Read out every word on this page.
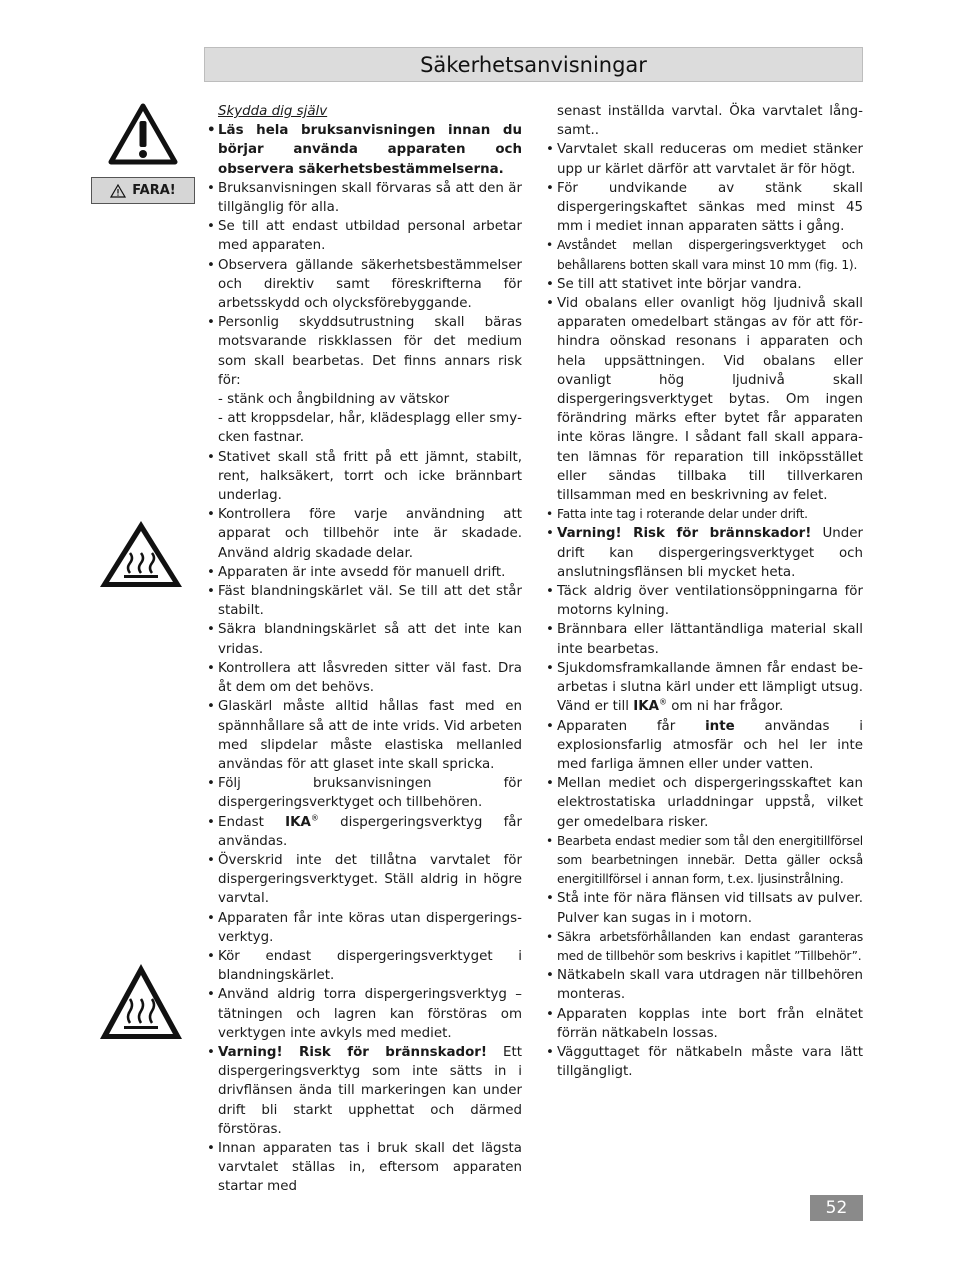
Säkerhetsanvisningar
FARA!
Skydda dig själv
• Läs hela bruksanvisningen innan du börjar använda apparaten och observera säkerhetsbestämmelserna.
• Bruksanvisningen skall förvaras så att den är tillgänglig för alla.
• Se till att endast utbildad personal arbetar med apparaten.
• Observera gällande säkerhetsbestämmelser och direktiv samt föreskrifterna för arbetsskydd och olycksförebyggande.
• Personlig skyddsutrustning skall bäras motsvarande riskklassen för det medium som skall bearbetas. Det finns annars risk för:
- stänk och ångbildning av vätskor
- att kroppsdelar, hår, klädesplagg eller smycken fastnar.
• Stativet skall stå fritt på ett jämnt, stabilt, rent, halksäkert, torrt och icke brännbart underlag.
• Kontrollera före varje användning att apparat och tillbehör inte är skadade. Använd aldrig skadade delar.
• Apparaten är inte avsedd för manuell drift.
• Fäst blandningskärlet väl. Se till att det står stabilt.
• Säkra blandningskärlet så att det inte kan vridas.
• Kontrollera att låsvreden sitter väl fast. Dra åt dem om det behövs.
• Glaskärl måste alltid hållas fast med en spännhållare så att de inte vrids. Vid arbeten med slipdelar måste elastiska mellanled användas för att glaset inte skall spricka.
• Följ bruksanvisningen för dispergeringsverktyget och tillbehören.
• Endast IKA® dispergeringsverktyg får användas.
• Överskrid inte det tillåtna varvtalet för dispergeringsverktyget. Ställ aldrig in högre varvtal.
• Apparaten får inte köras utan dispergeringsverktyg.
• Kör endast dispergeringsverktyget i blandningskärlet.
• Använd aldrig torra dispergeringsverktyg – tätningen och lagren kan förstöras om verktygen inte avkyls med mediet.
• Varning! Risk för brännskador! Ett dispergeringsverktyg som inte sätts in i drivflänsen ända till markeringen kan under drift bli starkt upphettat och därmed förstöras.
• Innan apparaten tas i bruk skall det lägsta varvtalet ställas in, eftersom apparaten startar med
senast inställda varvtal. Öka varvtalet långsamt..
• Varvtalet skall reduceras om mediet stänker upp ur kärlet därför att varvtalet är för högt.
• För undvikande av stänk skall dispergeringskaftet sänkas med minst 45 mm i mediet innan apparaten sätts i gång.
• Avståndet mellan dispergeringsverktyget och behållarens botten skall vara minst 10 mm (fig. 1).
• Se till att stativet inte börjar vandra.
• Vid obalans eller ovanligt hög ljudnivå skall apparaten omedelbart stängas av för att förhindra oönskad resonans i apparaten och hela uppsättningen. Vid obalans eller ovanligt hög ljudnivå skall dispergeringsverktyget bytas. Om ingen förändring märks efter bytet får apparaten inte köras längre. I sådant fall skall apparaten lämnas för reparation till inköpsstället eller sändas tillbaka till tillverkaren tillsamman med en beskrivning av felet.
• Fatta inte tag i roterande delar under drift.
• Varning! Risk för brännskador! Under drift kan dispergeringsverktyget och anslutningsflänsen bli mycket heta.
• Täck aldrig över ventilationsöppningarna för motorns kylning.
• Brännbara eller lättantändliga material skall inte bearbetas.
• Sjukdomsframkallande ämnen får endast bearbetas i slutna kärl under ett lämpligt utsug. Vänd er till IKA® om ni har frågor.
• Apparaten får inte användas i explosionsfarlig atmosfär och hel ler inte med farliga ämnen eller under vatten.
• Mellan mediet och dispergeringsskaftet kan elektrostatiska urladdningar uppstå, vilket ger omedelbara risker.
• Bearbeta endast medier som tål den energitillförsel som bearbetningen innebär. Detta gäller också energitillförsel i annan form, t.ex. ljusinstrålning.
• Stå inte för nära flänsen vid tillsats av pulver. Pulver kan sugas in i motorn.
• Säkra arbetsförhållanden kan endast garanteras med de tillbehör som beskrivs i kapitlet ”Tillbehör”.
• Nätkabeln skall vara utdragen när tillbehören monteras.
• Apparaten kopplas inte bort från elnätet förrän nätkabeln lossas.
• Vägguttaget för nätkabeln måste vara lätt tillgängligt.
52
